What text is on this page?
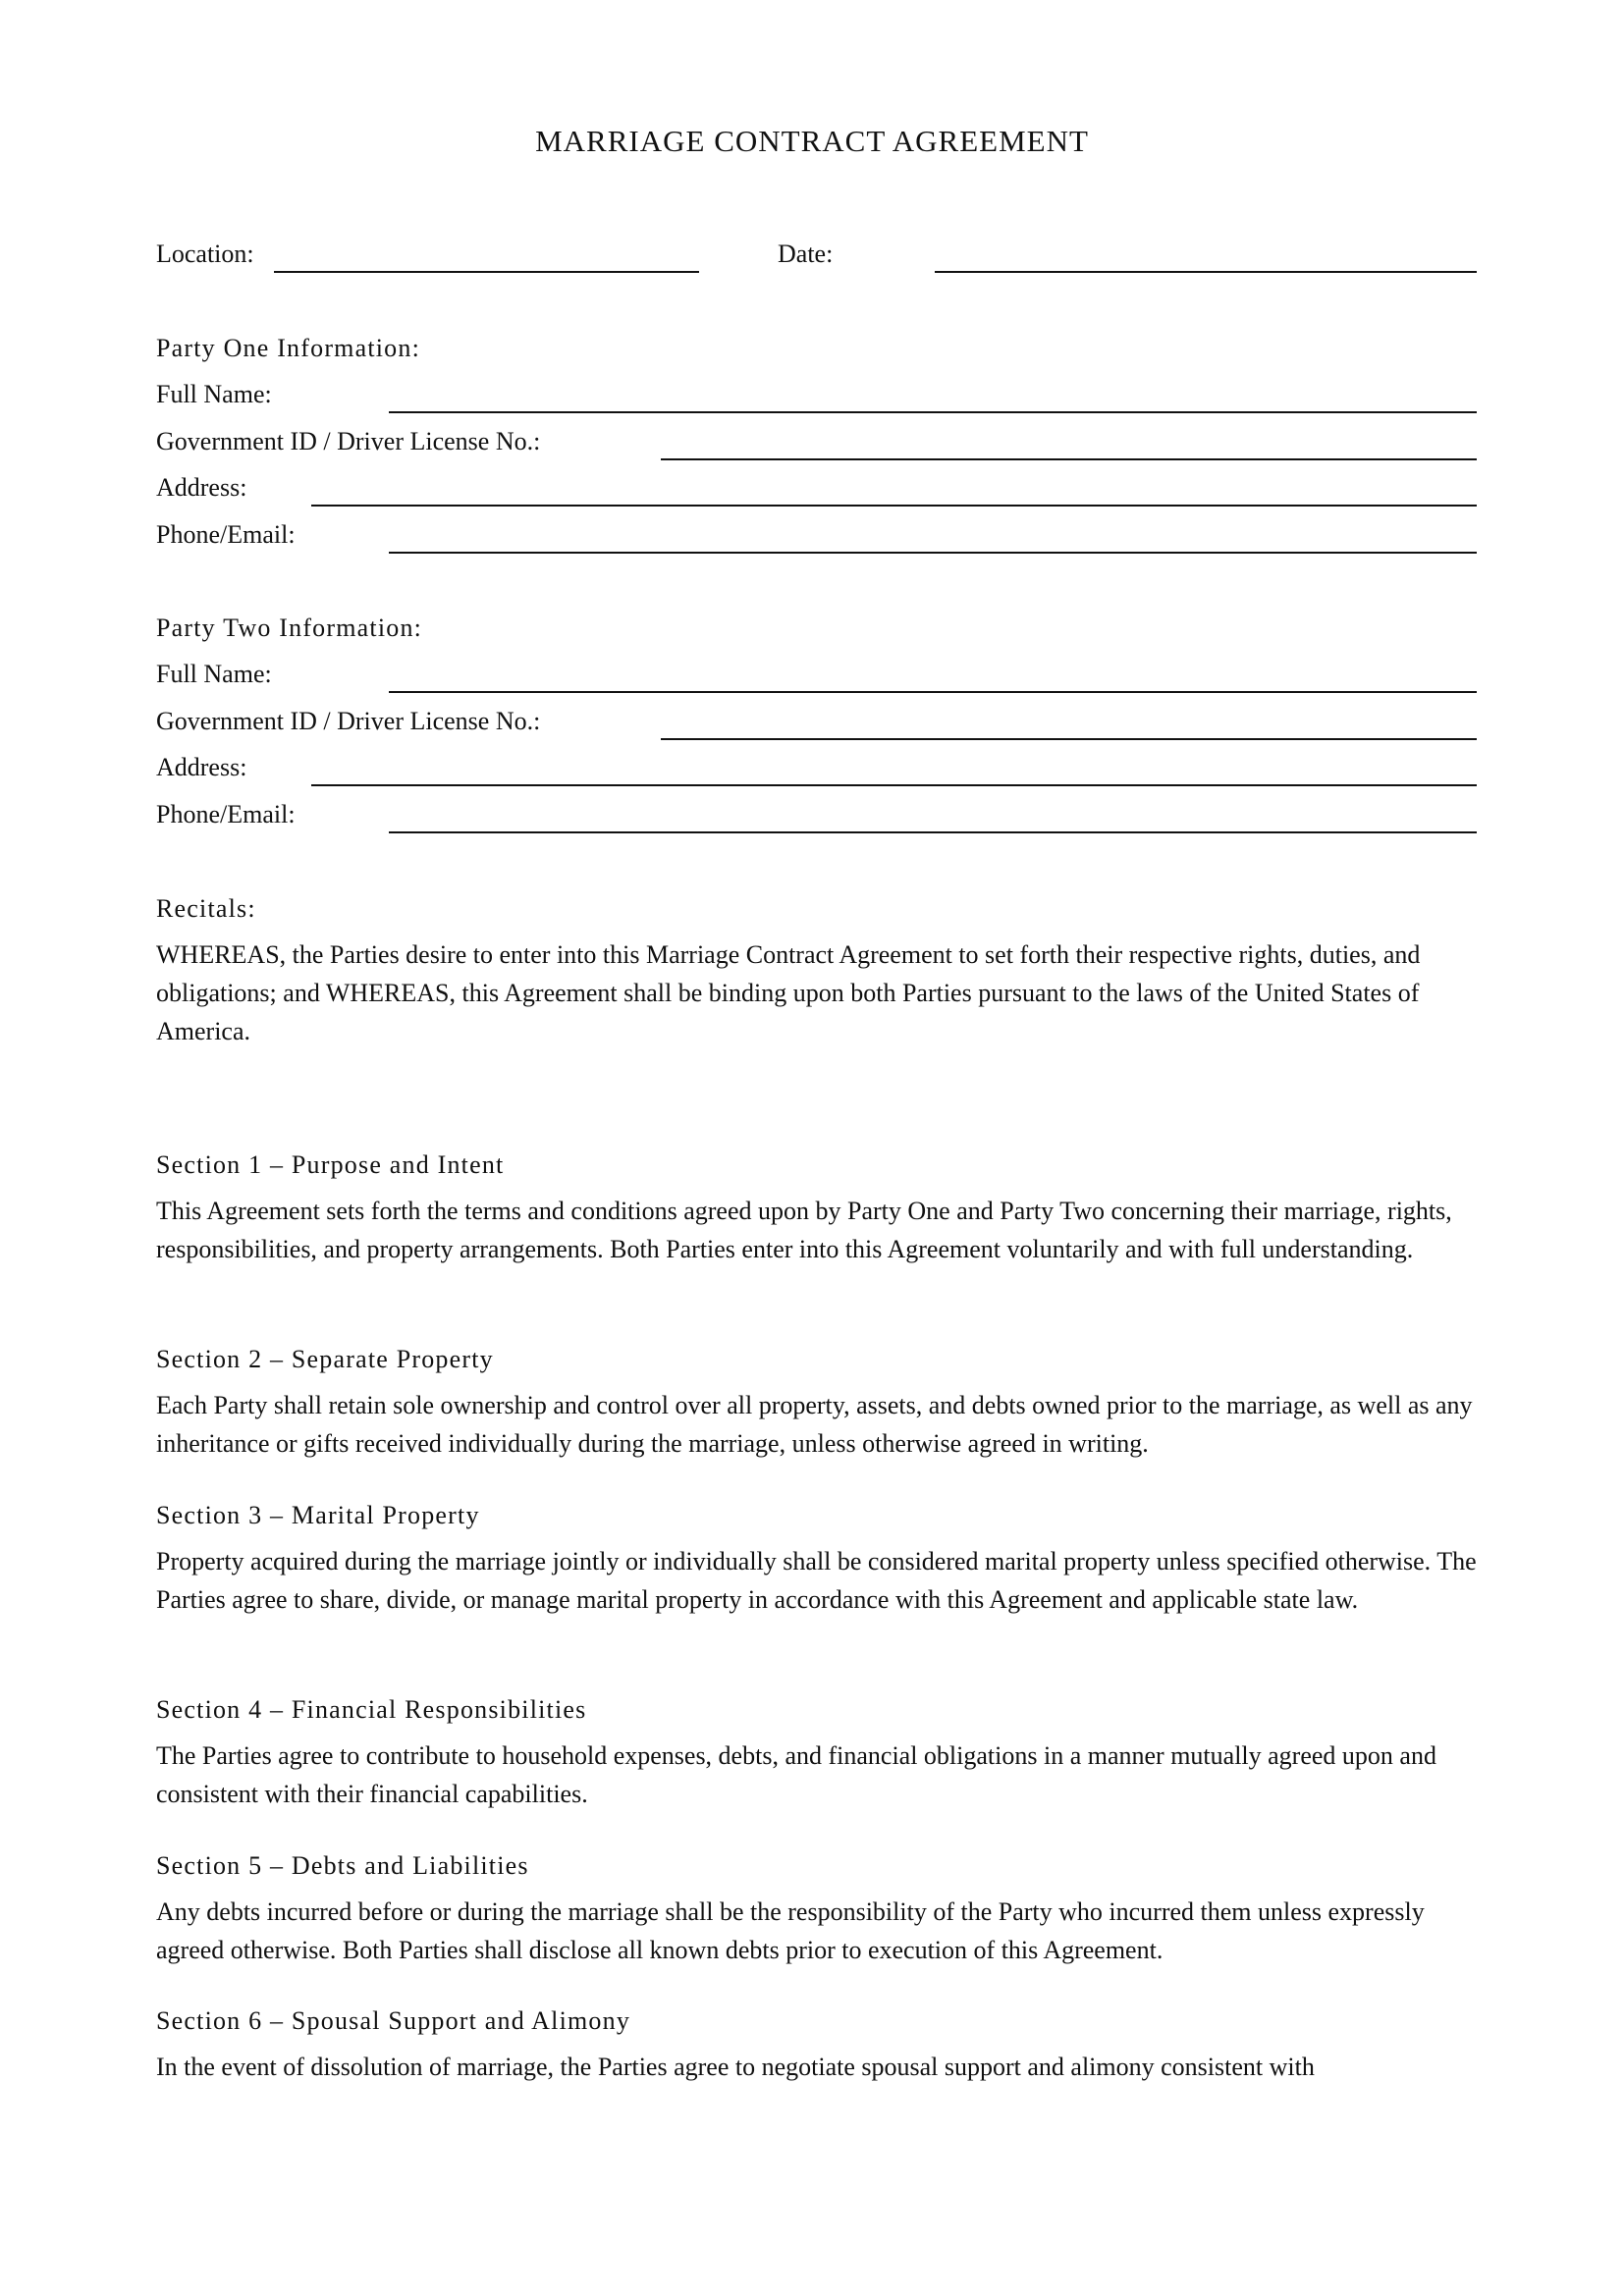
MARRIAGE CONTRACT AGREEMENT
Location:	Date:
Party One Information:
Full Name:
Government ID / Driver License No.:
Address:
Phone/Email:
Party Two Information:
Full Name:
Government ID / Driver License No.:
Address:
Phone/Email:
Recitals:
WHEREAS, the Parties desire to enter into this Marriage Contract Agreement to set forth their respective rights, duties, and obligations; and WHEREAS, this Agreement shall be binding upon both Parties pursuant to the laws of the United States of America.
Section 1 – Purpose and Intent
This Agreement sets forth the terms and conditions agreed upon by Party One and Party Two concerning their marriage, rights, responsibilities, and property arrangements. Both Parties enter into this Agreement voluntarily and with full understanding.
Section 2 – Separate Property
Each Party shall retain sole ownership and control over all property, assets, and debts owned prior to the marriage, as well as any inheritance or gifts received individually during the marriage, unless otherwise agreed in writing.
Section 3 – Marital Property
Property acquired during the marriage jointly or individually shall be considered marital property unless specified otherwise. The Parties agree to share, divide, or manage marital property in accordance with this Agreement and applicable state law.
Section 4 – Financial Responsibilities
The Parties agree to contribute to household expenses, debts, and financial obligations in a manner mutually agreed upon and consistent with their financial capabilities.
Section 5 – Debts and Liabilities
Any debts incurred before or during the marriage shall be the responsibility of the Party who incurred them unless expressly agreed otherwise. Both Parties shall disclose all known debts prior to execution of this Agreement.
Section 6 – Spousal Support and Alimony
In the event of dissolution of marriage, the Parties agree to negotiate spousal support and alimony consistent with
